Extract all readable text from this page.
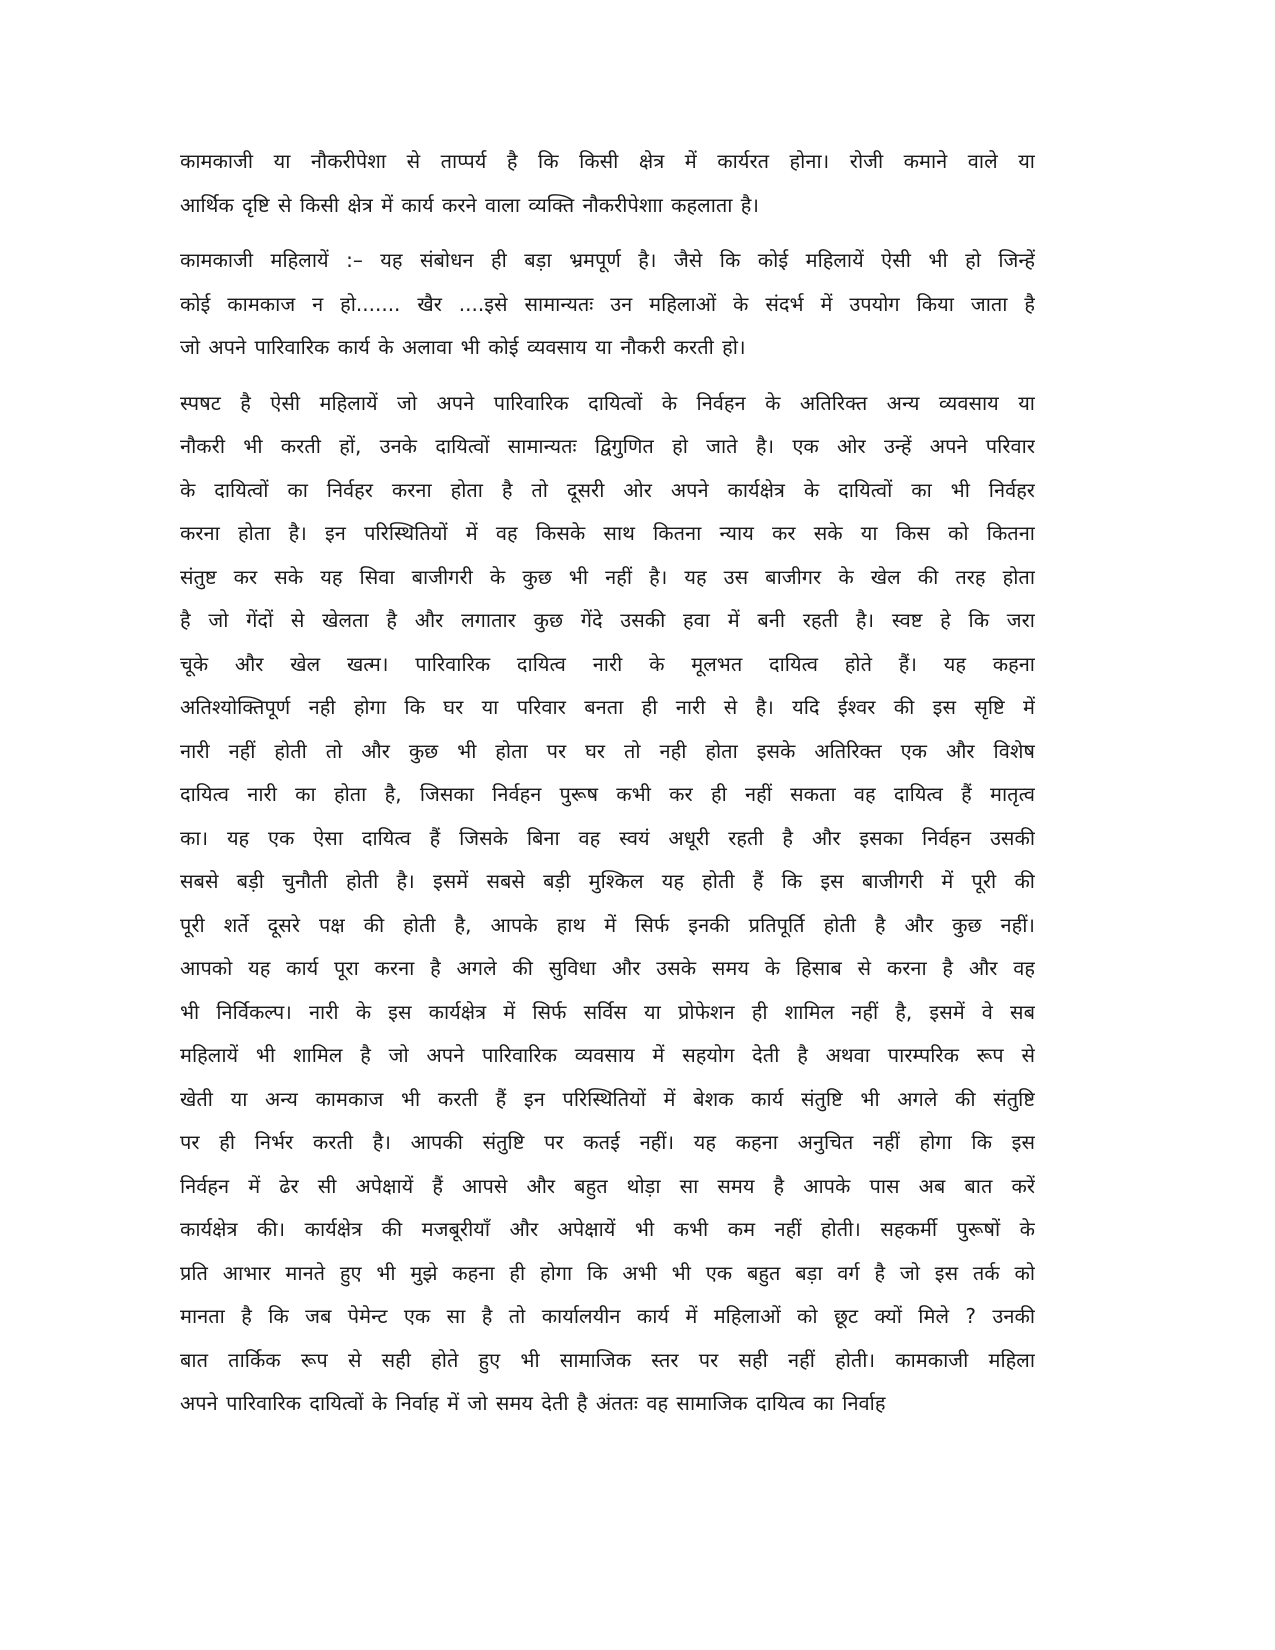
कामकाजी या नौकरीपेशा से ताप्पर्य है कि किसी क्षेत्र में कार्यरत होना। रोजी कमाने वाले या
आर्थिक दृष्टि से किसी क्षेत्र में कार्य करने वाला व्यक्ति नौकरीपेशाा कहलाता है।
कामकाजी महिलायें :– यह संबोधन ही बड़ा भ्रमपूर्ण है। जैसे कि कोई महिलायें ऐसी भी हो जिन्हें
कोई कामकाज न हो....... खैर ....इसे सामान्यतः उन महिलाओं के संदर्भ में उपयोग किया जाता है
जो अपने पारिवारिक कार्य के अलावा भी कोई व्यवसाय या नौकरी करती हो।
स्पषट है ऐसी महिलायें जो अपने पारिवारिक दायित्वों के निर्वहन के अतिरिक्त अन्य व्यवसाय या
नौकरी भी करती हों, उनके दायित्वों सामान्यतः द्विगुणित हो जाते है। एक ओर उन्हें अपने परिवार
के दायित्वों का निर्वहर करना होता है तो दूसरी ओर अपने कार्यक्षेत्र के दायित्वों का भी निर्वहर
करना होता है। इन परिस्थितियों में वह किसके साथ कितना न्याय कर सके या किस को कितना
संतुष्ट कर सके यह सिवा बाजीगरी के कुछ भी नहीं है। यह उस बाजीगर के खेल की तरह होता
है जो गेंदों से खेलता है और लगातार कुछ गेंदे उसकी हवा में बनी रहती है। स्वष्ट हे कि जरा
चूके और खेल खत्म। पारिवारिक दायित्व नारी के मूलभत दायित्व होते हैं। यह कहना
अतिश्योक्तिपूर्ण नही होगा कि घर या परिवार बनता ही नारी से है। यदि ईश्वर की इस सृष्टि में
नारी नहीं होती तो और कुछ भी होता पर घर तो नही होता इसके अतिरिक्त एक और विशेष
दायित्व नारी का होता है, जिसका निर्वहन पुरूष कभी कर ही नहीं सकता वह दायित्व हैं मातृत्व
का। यह एक ऐसा दायित्व हैं जिसके बिना वह स्वयं अधूरी रहती है और इसका निर्वहन उसकी
सबसे बड़ी चुनौती होती है। इसमें सबसे बड़ी मुश्किल यह होती हैं कि इस बाजीगरी में पूरी की
पूरी शर्ते दूसरे पक्ष की होती है, आपके हाथ में सिर्फ इनकी प्रतिपूर्ति होती है और कुछ नहीं।
आपको यह कार्य पूरा करना है अगले की सुविधा और उसके समय के हिसाब से करना है और वह
भी निर्विकल्प। नारी के इस कार्यक्षेत्र में सिर्फ सर्विस या प्रोफेशन ही शामिल नहीं है, इसमें वे सब
महिलायें भी शामिल है जो अपने पारिवारिक व्यवसाय में सहयोग देती है अथवा पारम्परिक रूप से
खेती या अन्य कामकाज भी करती हैं इन परिस्थितियों में बेशक कार्य संतुष्टि भी अगले की संतुष्टि
पर ही निर्भर करती है। आपकी संतुष्टि पर कतई नहीं। यह कहना अनुचित नहीं होगा कि इस
निर्वहन में ढेर सी अपेक्षायें हैं आपसे और बहुत थोड़ा सा समय है आपके पास अब बात करें
कार्यक्षेत्र की। कार्यक्षेत्र की मजबूरीयॉं और अपेक्षायें भी कभी कम नहीं होती। सहकर्मी पुरूषों के
प्रति आभार मानते हुए भी मुझे कहना ही होगा कि अभी भी एक बहुत बड़ा वर्ग है जो इस तर्क को
मानता है कि जब पेमेन्ट एक सा है तो कार्यालयीन कार्य में महिलाओं को छूट क्यों मिले ? उनकी
बात तार्किक रूप से सही होते हुए भी सामाजिक स्तर पर सही नहीं होती। कामकाजी महिला
अपने पारिवारिक दायित्वों के निर्वाह में जो समय देती है अंततः वह सामाजिक दायित्व का निर्वाह
